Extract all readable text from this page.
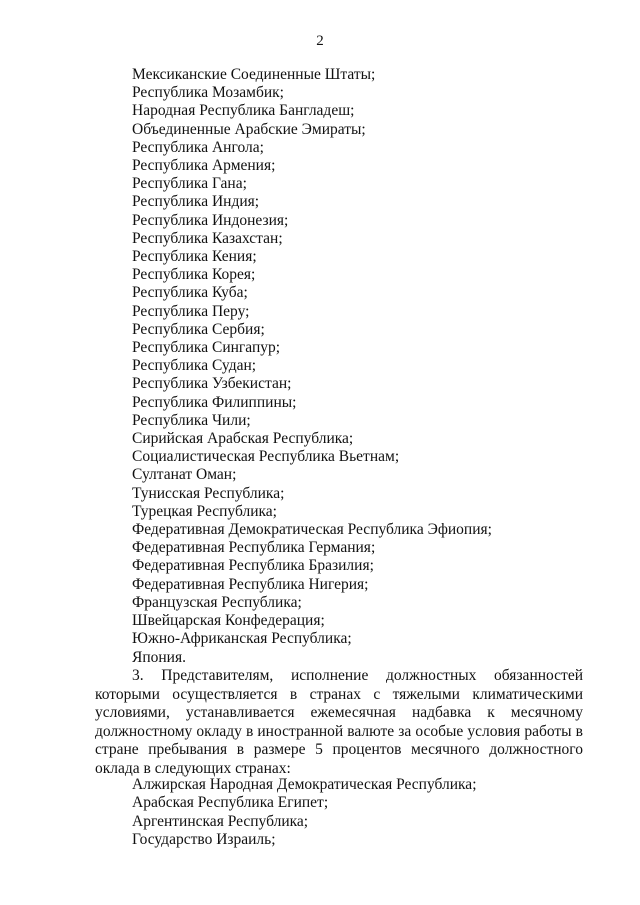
2
Мексиканские Соединенные Штаты;
Республика Мозамбик;
Народная Республика Бангладеш;
Объединенные Арабские Эмираты;
Республика Ангола;
Республика Армения;
Республика Гана;
Республика Индия;
Республика Индонезия;
Республика Казахстан;
Республика Кения;
Республика Корея;
Республика Куба;
Республика Перу;
Республика Сербия;
Республика Сингапур;
Республика Судан;
Республика Узбекистан;
Республика Филиппины;
Республика Чили;
Сирийская Арабская Республика;
Социалистическая Республика Вьетнам;
Султанат Оман;
Тунисская Республика;
Турецкая Республика;
Федеративная Демократическая Республика Эфиопия;
Федеративная Республика Германия;
Федеративная Республика Бразилия;
Федеративная Республика Нигерия;
Французская Республика;
Швейцарская Конфедерация;
Южно-Африканская Республика;
Япония.

3. Представителям, исполнение должностных обязанностей которыми осуществляется в странах с тяжелыми климатическими условиями, устанавливается ежемесячная надбавка к месячному должностному окладу в иностранной валюте за особые условия работы в стране пребывания в размере 5 процентов месячного должностного оклада в следующих странах:

Алжирская Народная Демократическая Республика;
Арабская Республика Египет;
Аргентинская Республика;
Государство Израиль;
